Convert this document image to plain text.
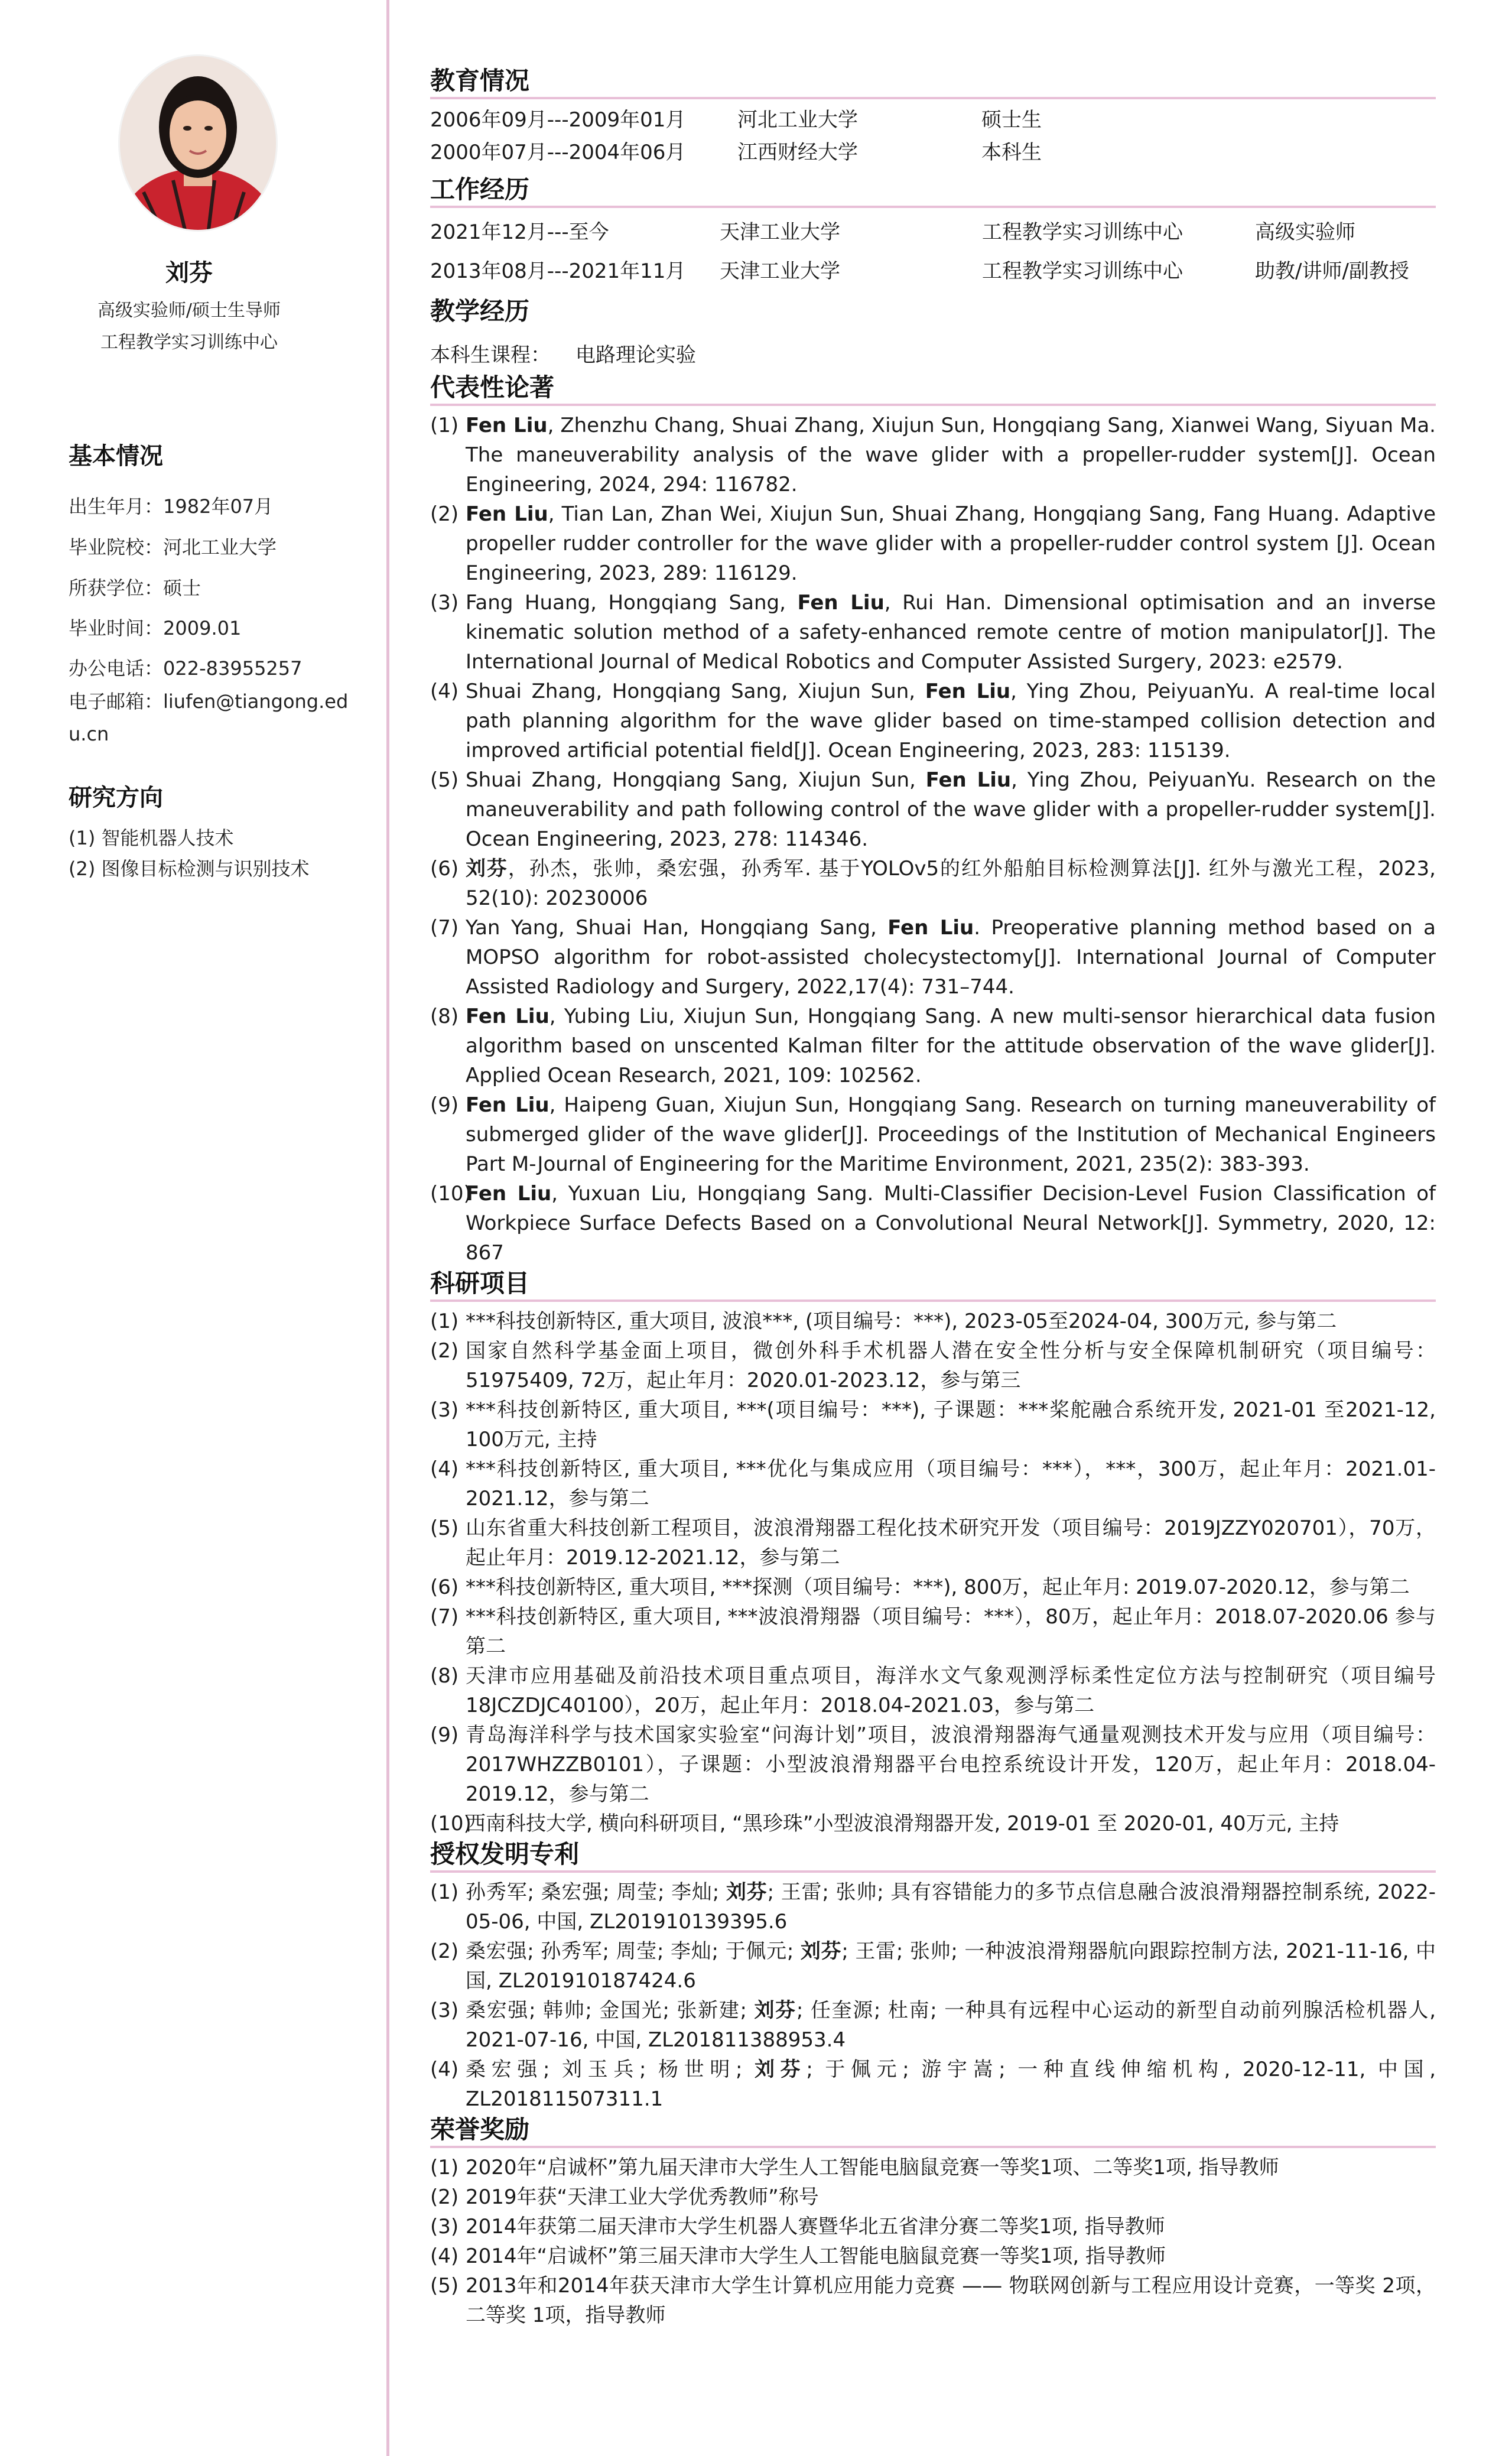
刘芬
高级实验师/硕士生导师
工程教学实习训练中心
基本情况
出生年月：1982年07月
毕业院校：河北工业大学
所获学位：硕士
毕业时间：2009.01
办公电话：022-83955257
电子邮箱：liufen@tiangong.edu.cn
研究方向
(1) 智能机器人技术
(2) 图像目标检测与识别技术
教育情况
2006年09月---2009年01月	河北工业大学	硕士生
2000年07月---2004年06月	江西财经大学	本科生
工作经历
2021年12月---至今	天津工业大学	工程教学实习训练中心	高级实验师
2013年08月---2021年11月	天津工业大学	工程教学实习训练中心	助教/讲师/副教授
教学经历
本科生课程：	电路理论实验
代表性论著
(1) Fen Liu, Zhenzhu Chang, Shuai Zhang, Xiujun Sun, Hongqiang Sang, Xianwei Wang, Siyuan Ma. The maneuverability analysis of the wave glider with a propeller-rudder system[J]. Ocean Engineering, 2024, 294: 116782.
(2) Fen Liu, Tian Lan, Zhan Wei, Xiujun Sun, Shuai Zhang, Hongqiang Sang, Fang Huang. Adaptive propeller rudder controller for the wave glider with a propeller-rudder control system [J]. Ocean Engineering, 2023, 289: 116129.
(3) Fang Huang, Hongqiang Sang, Fen Liu, Rui Han. Dimensional optimisation and an inverse kinematic solution method of a safety-enhanced remote centre of motion manipulator[J]. The International Journal of Medical Robotics and Computer Assisted Surgery, 2023: e2579.
(4) Shuai Zhang, Hongqiang Sang, Xiujun Sun, Fen Liu, Ying Zhou, PeiyuanYu. A real-time local path planning algorithm for the wave glider based on time-stamped collision detection and improved artificial potential field[J]. Ocean Engineering, 2023, 283: 115139.
(5) Shuai Zhang, Hongqiang Sang, Xiujun Sun, Fen Liu, Ying Zhou, PeiyuanYu. Research on the maneuverability and path following control of the wave glider with a propeller-rudder system[J]. Ocean Engineering, 2023, 278: 114346.
(6) 刘芬，孙杰，张帅，桑宏强，孙秀军. 基于YOLOv5的红外船舶目标检测算法[J]. 红外与激光工程，2023, 52(10): 20230006
(7) Yan Yang, Shuai Han, Hongqiang Sang, Fen Liu. Preoperative planning method based on a MOPSO algorithm for robot-assisted cholecystectomy[J]. International Journal of Computer Assisted Radiology and Surgery, 2022,17(4): 731–744.
(8) Fen Liu, Yubing Liu, Xiujun Sun, Hongqiang Sang. A new multi-sensor hierarchical data fusion algorithm based on unscented Kalman filter for the attitude observation of the wave glider[J]. Applied Ocean Research, 2021, 109: 102562.
(9) Fen Liu, Haipeng Guan, Xiujun Sun, Hongqiang Sang. Research on turning maneuverability of submerged glider of the wave glider[J]. Proceedings of the Institution of Mechanical Engineers Part M-Journal of Engineering for the Maritime Environment, 2021, 235(2): 383-393.
(10)
Fen Liu, Yuxuan Liu, Hongqiang Sang. Multi-Classifier Decision-Level Fusion Classification of Workpiece Surface Defects Based on a Convolutional Neural Network[J]. Symmetry, 2020, 12: 867
科研项目
(1) ***科技创新特区, 重大项目, 波浪***, (项目编号：***), 2023-05至2024-04, 300万元, 参与第二
(2) 国家自然科学基金面上项目，微创外科手术机器人潜在安全性分析与安全保障机制研究（项目编号：51975409, 72万，起止年月：2020.01-2023.12，参与第三
(3) ***科技创新特区, 重大项目, ***(项目编号：***), 子课题：***桨舵融合系统开发, 2021-01 至2021-12, 100万元, 主持
(4) ***科技创新特区, 重大项目, ***优化与集成应用（项目编号：***），***，300万，起止年月：2021.01-2021.12，参与第二
(5) 山东省重大科技创新工程项目，波浪滑翔器工程化技术研究开发（项目编号：2019JZZY020701），70万，起止年月：2019.12-2021.12，参与第二
(6) ***科技创新特区, 重大项目, ***探测（项目编号：***), 800万，起止年月: 2019.07-2020.12，参与第二
(7) ***科技创新特区, 重大项目, ***波浪滑翔器（项目编号：***），80万，起止年月：2018.07-2020.06 参与第二
(8) 天津市应用基础及前沿技术项目重点项目，海洋水文气象观测浮标柔性定位方法与控制研究（项目编号18JCZDJC40100），20万，起止年月：2018.04-2021.03，参与第二
(9) 青岛海洋科学与技术国家实验室“问海计划”项目，波浪滑翔器海气通量观测技术开发与应用（项目编号：2017WHZZB0101），子课题：小型波浪滑翔器平台电控系统设计开发，120万，起止年月：2018.04-2019.12，参与第二
(10)
西南科技大学, 横向科研项目, “黑珍珠”小型波浪滑翔器开发, 2019-01 至 2020-01, 40万元, 主持
授权发明专利
(1) 孙秀军; 桑宏强; 周莹; 李灿; 刘芬; 王雷; 张帅; 具有容错能力的多节点信息融合波浪滑翔器控制系统, 2022-05-06, 中国, ZL201910139395.6
(2) 桑宏强; 孙秀军; 周莹; 李灿; 于佩元; 刘芬; 王雷; 张帅; 一种波浪滑翔器航向跟踪控制方法, 2021-11-16, 中国, ZL201910187424.6
(3) 桑宏强; 韩帅; 金国光; 张新建; 刘芬; 任奎源; 杜南; 一种具有远程中心运动的新型自动前列腺活检机器人, 2021-07-16, 中国, ZL201811388953.4
(4) 桑宏强; 刘玉兵; 杨世明; 刘芬; 于佩元; 游宇嵩; 一种直线伸缩机构, 2020-12-11, 中国, ZL201811507311.1
荣誉奖励
(1) 2020年“启诚杯”第九届天津市大学生人工智能电脑鼠竞赛一等奖1项、二等奖1项, 指导教师
(2) 2019年获“天津工业大学优秀教师”称号
(3) 2014年获第二届天津市大学生机器人赛暨华北五省津分赛二等奖1项, 指导教师
(4) 2014年“启诚杯”第三届天津市大学生人工智能电脑鼠竞赛一等奖1项, 指导教师
(5) 2013年和2014年获天津市大学生计算机应用能力竞赛 —— 物联网创新与工程应用设计竞赛，一等奖 2项，二等奖 1项，指导教师
